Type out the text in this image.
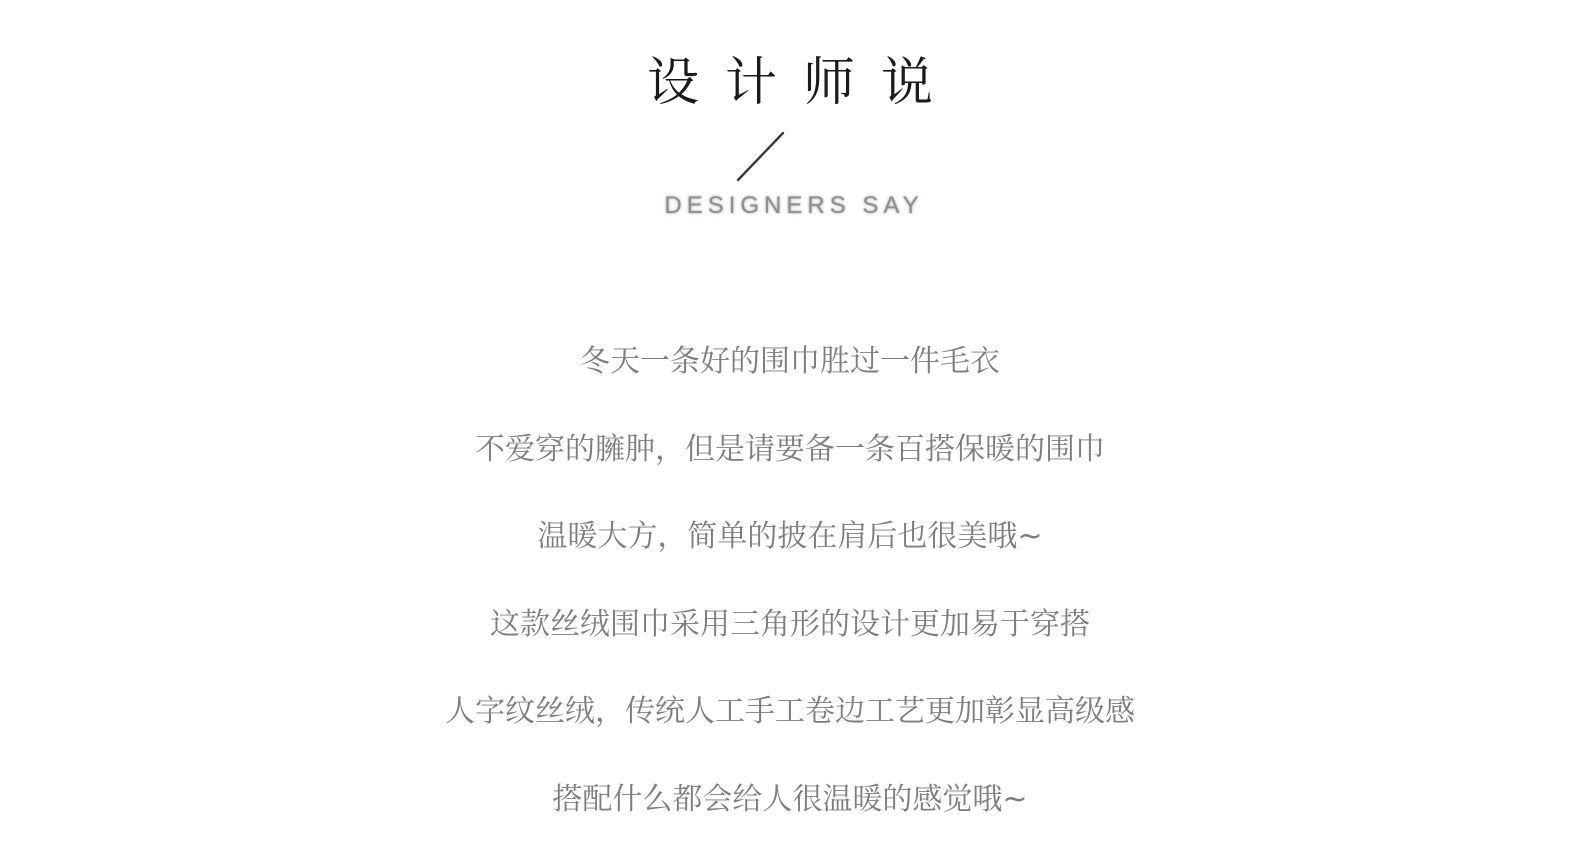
设计师说
DESIGNERS SAY
冬天一条好的围巾胜过一件毛衣
不爱穿的臃肿，但是请要备一条百搭保暖的围巾
温暖大方，简单的披在肩后也很美哦~
这款丝绒围巾采用三角形的设计更加易于穿搭
人字纹丝绒，传统人工手工卷边工艺更加彰显高级感
搭配什么都会给人很温暖的感觉哦~
